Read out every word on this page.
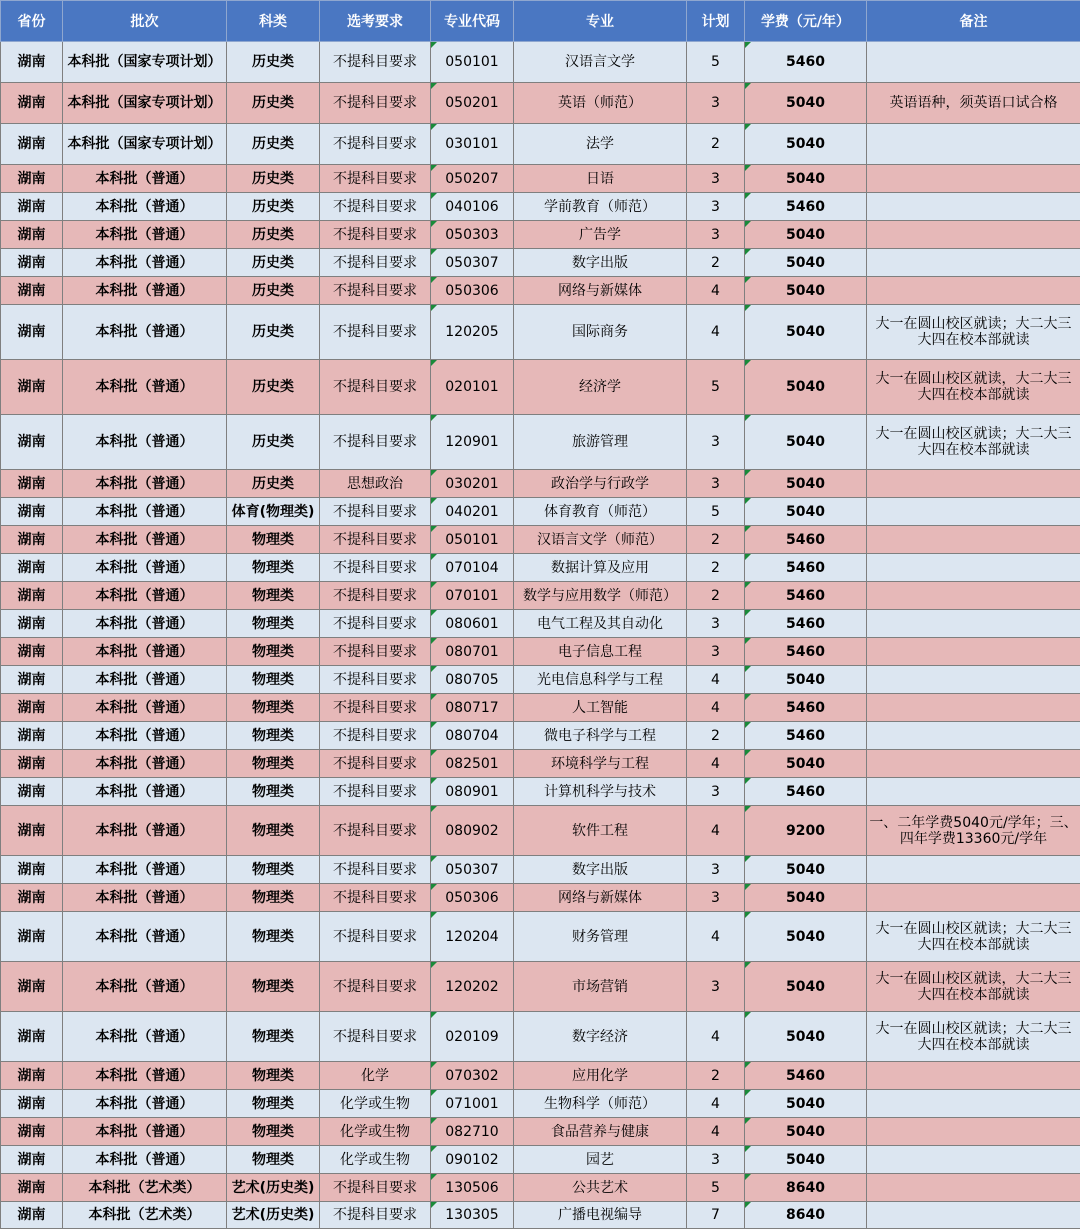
省份	批次	科类	选考要求	专业代码	专业	计划	学费（元/年）	备注
湖南	本科批（国家专项计划）	历史类	不提科目要求	050101	汉语言文学	5	5460	
湖南	本科批（国家专项计划）	历史类	不提科目要求	050201	英语（师范）	3	5040	英语语种，须英语口试合格
湖南	本科批（国家专项计划）	历史类	不提科目要求	030101	法学	2	5040	
湖南	本科批（普通）	历史类	不提科目要求	050207	日语	3	5040	
湖南	本科批（普通）	历史类	不提科目要求	040106	学前教育（师范）	3	5460	
湖南	本科批（普通）	历史类	不提科目要求	050303	广告学	3	5040	
湖南	本科批（普通）	历史类	不提科目要求	050307	数字出版	2	5040	
湖南	本科批（普通）	历史类	不提科目要求	050306	网络与新媒体	4	5040	
湖南	本科批（普通）	历史类	不提科目要求	120205	国际商务	4	5040	大一在圆山校区就读；大二大三大四在校本部就读
湖南	本科批（普通）	历史类	不提科目要求	020101	经济学	5	5040	大一在圆山校区就读，大二大三大四在校本部就读
湖南	本科批（普通）	历史类	不提科目要求	120901	旅游管理	3	5040	大一在圆山校区就读；大二大三大四在校本部就读
湖南	本科批（普通）	历史类	思想政治	030201	政治学与行政学	3	5040	
湖南	本科批（普通）	体育(物理类)	不提科目要求	040201	体育教育（师范）	5	5040	
湖南	本科批（普通）	物理类	不提科目要求	050101	汉语言文学（师范）	2	5460	
湖南	本科批（普通）	物理类	不提科目要求	070104	数据计算及应用	2	5460	
湖南	本科批（普通）	物理类	不提科目要求	070101	数学与应用数学（师范）	2	5460	
湖南	本科批（普通）	物理类	不提科目要求	080601	电气工程及其自动化	3	5460	
湖南	本科批（普通）	物理类	不提科目要求	080701	电子信息工程	3	5460	
湖南	本科批（普通）	物理类	不提科目要求	080705	光电信息科学与工程	4	5040	
湖南	本科批（普通）	物理类	不提科目要求	080717	人工智能	4	5460	
湖南	本科批（普通）	物理类	不提科目要求	080704	微电子科学与工程	2	5460	
湖南	本科批（普通）	物理类	不提科目要求	082501	环境科学与工程	4	5040	
湖南	本科批（普通）	物理类	不提科目要求	080901	计算机科学与技术	3	5460	
湖南	本科批（普通）	物理类	不提科目要求	080902	软件工程	4	9200	一、二年学费5040元/学年；三、四年学费13360元/学年
湖南	本科批（普通）	物理类	不提科目要求	050307	数字出版	3	5040	
湖南	本科批（普通）	物理类	不提科目要求	050306	网络与新媒体	3	5040	
湖南	本科批（普通）	物理类	不提科目要求	120204	财务管理	4	5040	大一在圆山校区就读；大二大三大四在校本部就读
湖南	本科批（普通）	物理类	不提科目要求	120202	市场营销	3	5040	大一在圆山校区就读，大二大三大四在校本部就读
湖南	本科批（普通）	物理类	不提科目要求	020109	数字经济	4	5040	大一在圆山校区就读；大二大三大四在校本部就读
湖南	本科批（普通）	物理类	化学	070302	应用化学	2	5460	
湖南	本科批（普通）	物理类	化学或生物	071001	生物科学（师范）	4	5040	
湖南	本科批（普通）	物理类	化学或生物	082710	食品营养与健康	4	5040	
湖南	本科批（普通）	物理类	化学或生物	090102	园艺	3	5040	
湖南	本科批（艺术类）	艺术(历史类)	不提科目要求	130506	公共艺术	5	8640	
湖南	本科批（艺术类）	艺术(历史类)	不提科目要求	130305	广播电视编导	7	8640	
